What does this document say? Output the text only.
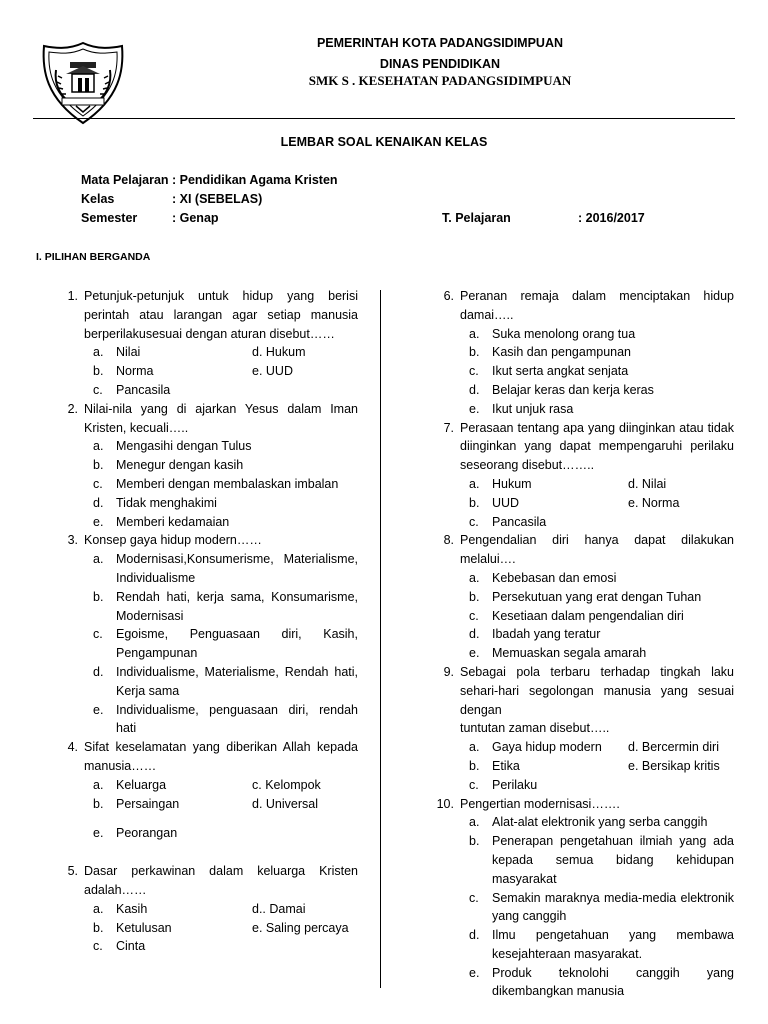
PEMERINTAH KOTA PADANGSIDIMPUAN
DINAS PENDIDIKAN
SMK S . KESEHATAN PADANGSIDIMPUAN
LEMBAR SOAL KENAIKAN KELAS
Mata Pelajaran : Pendidikan Agama Kristen
Kelas	: XI (SEBELAS)
Semester	: Genap	T. Pelajaran	: 2016/2017
I. PILIHAN BERGANDA
1. Petunjuk-petunjuk untuk hidup yang berisi perintah atau larangan agar setiap manusia
berperilakusesuai dengan aturan disebut……
a. Nilai	d. Hukum
b. Norma	e. UUD
c. Pancasila
2. Nilai-nila yang di ajarkan Yesus dalam Iman
Kristen, kecuali…..
a. Mengasihi dengan Tulus
b. Menegur dengan kasih
c. Memberi dengan membalaskan imbalan
d. Tidak menghakimi
e. Memberi kedamaian
3. Konsep gaya hidup modern……
a. Modernisasi,Konsumerisme, Materialisme, Individualisme
b. Rendah hati, kerja sama, Konsumarisme, Modernisasi
c. Egoisme, Penguasaan diri, Kasih, Pengampunan
d. Individualisme, Materialisme, Rendah hati, Kerja sama
e. Individualisme, penguasaan diri, rendah hati
4. Sifat keselamatan yang diberikan Allah kepada
manusia……
a. Keluarga	c. Kelompok
b. Persaingan	d. Universal
e. Peorangan
5. Dasar perkawinan dalam keluarga Kristen
adalah……
a. Kasih	d.. Damai
b. Ketulusan	e. Saling percaya
c. Cinta
6. Peranan remaja dalam menciptakan hidup
damai…..
a. Suka menolong orang tua
b. Kasih dan pengampunan
c. Ikut serta angkat senjata
d. Belajar keras dan kerja keras
e. Ikut unjuk rasa
7. Perasaan tentang apa yang diinginkan atau tidak diinginkan yang dapat mempengaruhi perilaku
seseorang disebut……..
a. Hukum	d. Nilai
b. UUD	e. Norma
c. Pancasila
8. Pengendalian diri hanya dapat dilakukan
melalui….
a. Kebebasan dan emosi
b. Persekutuan yang erat dengan Tuhan
c. Kesetiaan dalam pengendalian diri
d. Ibadah yang teratur
e. Memuaskan segala amarah
9. Sebagai pola terbaru terhadap tingkah laku sehari-hari segolongan manusia yang sesuai dengan
tuntutan zaman disebut…..
a. Gaya hidup modern	d. Bercermin diri
b. Etika	e. Bersikap kritis
c. Perilaku
10. Pengertian modernisasi…….
a. Alat-alat elektronik yang serba canggih
b. Penerapan pengetahuan ilmiah yang ada kepada semua bidang kehidupan masyarakat
c. Semakin maraknya media-media elektronik yang canggih
d. Ilmu pengetahuan yang membawa kesejahteraan masyarakat.
e. Produk teknolohi canggih yang dikembangkan manusia
